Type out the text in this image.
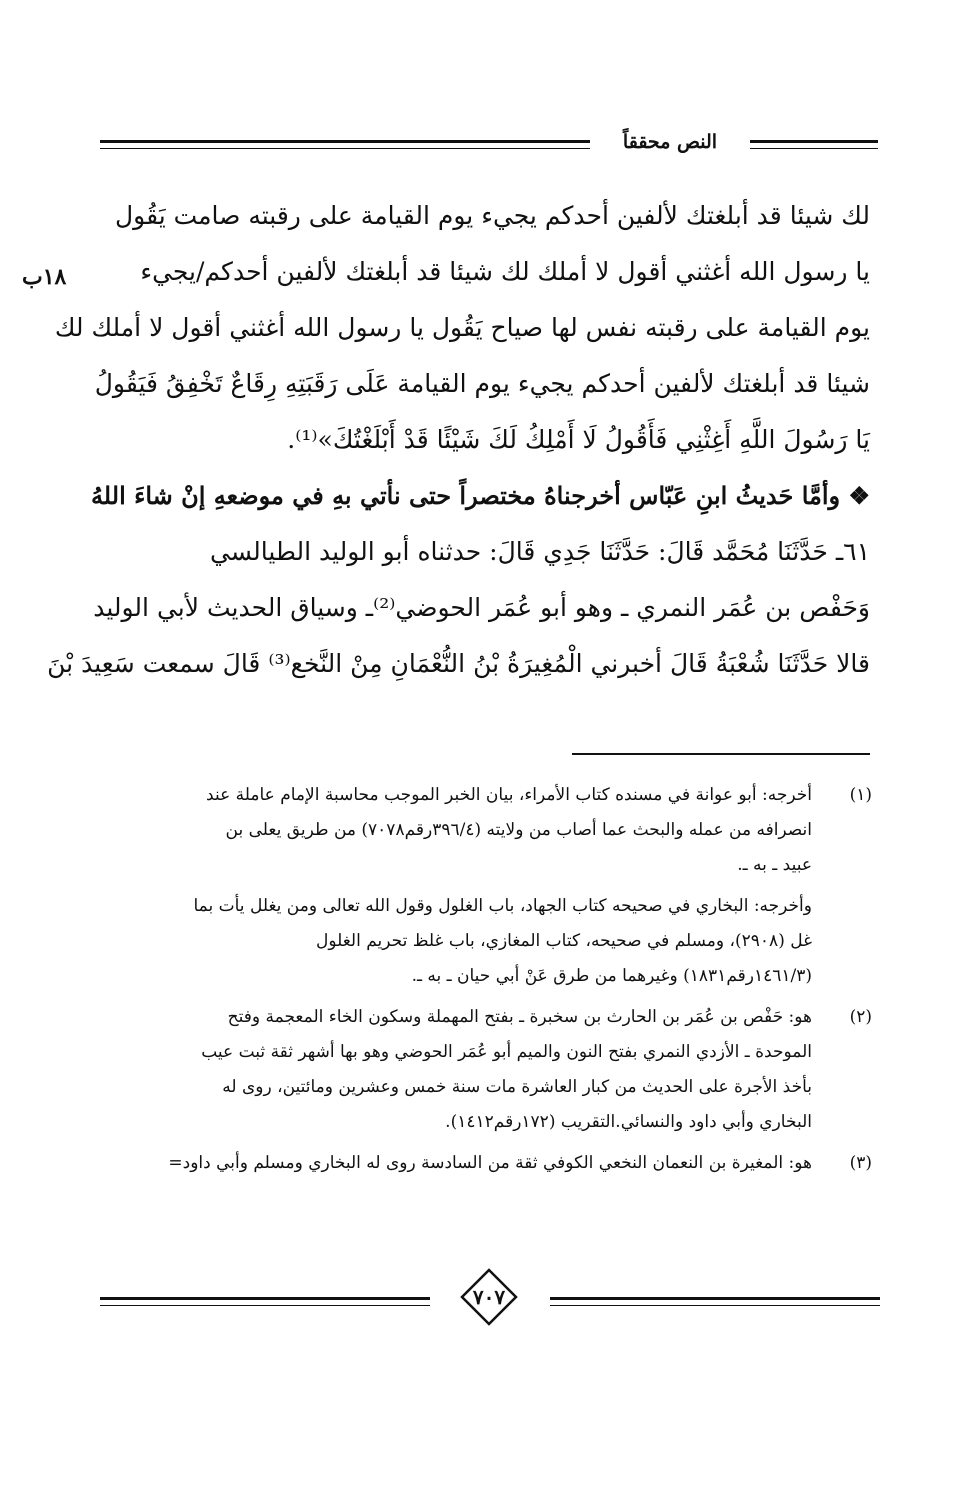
النص محققاً
١٨ب
لك شيئا قد أبلغتك لألفين أحدكم يجيء يوم القيامة على رقبته صامت يَقُول
يا رسول الله أغثني أقول لا أملك لك شيئا قد أبلغتك لألفين أحدكم/يجيء
يوم القيامة على رقبته نفس لها صياح يَقُول يا رسول الله أغثني أقول لا أملك لك
شيئا قد أبلغتك لألفين أحدكم يجيء يوم القيامة عَلَى رَقَبَتِهِ رِقَاعٌ تَخْفِقُ فَيَقُولُ
يَا رَسُولَ اللَّهِ أَغِثْنِي فَأَقُولُ لَا أَمْلِكُ لَكَ شَيْئًا قَدْ أَبْلَغْتُكَ»⁽¹⁾.
❖ وأمَّا حَديثُ ابنِ عَبّاس أخرجناهُ مختصراً حتى نأتي بهِ في موضعهِ إنْ شاءَ اللهُ
٦١ـ حَدَّثَنَا مُحَمَّد قَالَ: حَدَّثَنَا جَدِي قَالَ: حدثناه أبو الوليد الطيالسي
وَحَفْص بن عُمَر النمري ـ وهو أبو عُمَر الحوضي⁽²⁾ـ وسياق الحديث لأبي الوليد
قالا حَدَّثَنَا شُعْبَةُ قَالَ أخبرني الْمُغِيرَةُ بْنُ النُّعْمَانِ مِنْ النَّخع⁽³⁾ قَالَ سمعت سَعِيدَ بْنَ
(١)
أخرجه: أبو عوانة في مسنده كتاب الأمراء، بيان الخبر الموجب محاسبة الإمام عاملة عند
انصرافه من عمله والبحث عما أصاب من ولايته (٣٩٦/٤رقم٧٠٧٨) من طريق يعلى بن
عبيد ـ به ـ.
وأخرجه: البخاري في صحيحه كتاب الجهاد، باب الغلول وقول الله تعالى ومن يغلل يأت بما
غل (٢٩٠٨)، ومسلم في صحيحه، كتاب المغازي، باب غلظ تحريم الغلول
(١٤٦١/٣رقم١٨٣١) وغيرهما من طرق عَنْ أبي حيان ـ به ـ.
(٢)
هو: حَفْص بن عُمَر بن الحارث بن سخبرة ـ بفتح المهملة وسكون الخاء المعجمة وفتح
الموحدة ـ الأزدي النمري بفتح النون والميم أبو عُمَر الحوضي وهو بها أشهر ثقة ثبت عيب
بأخذ الأجرة على الحديث من كبار العاشرة مات سنة خمس وعشرين ومائتين، روى له
البخاري وأبي داود والنسائي.التقريب (١٧٢رقم١٤١٢).
(٣)
هو: المغيرة بن النعمان النخعي الكوفي ثقة من السادسة روى له البخاري ومسلم وأبي داود=
٧٠٧
